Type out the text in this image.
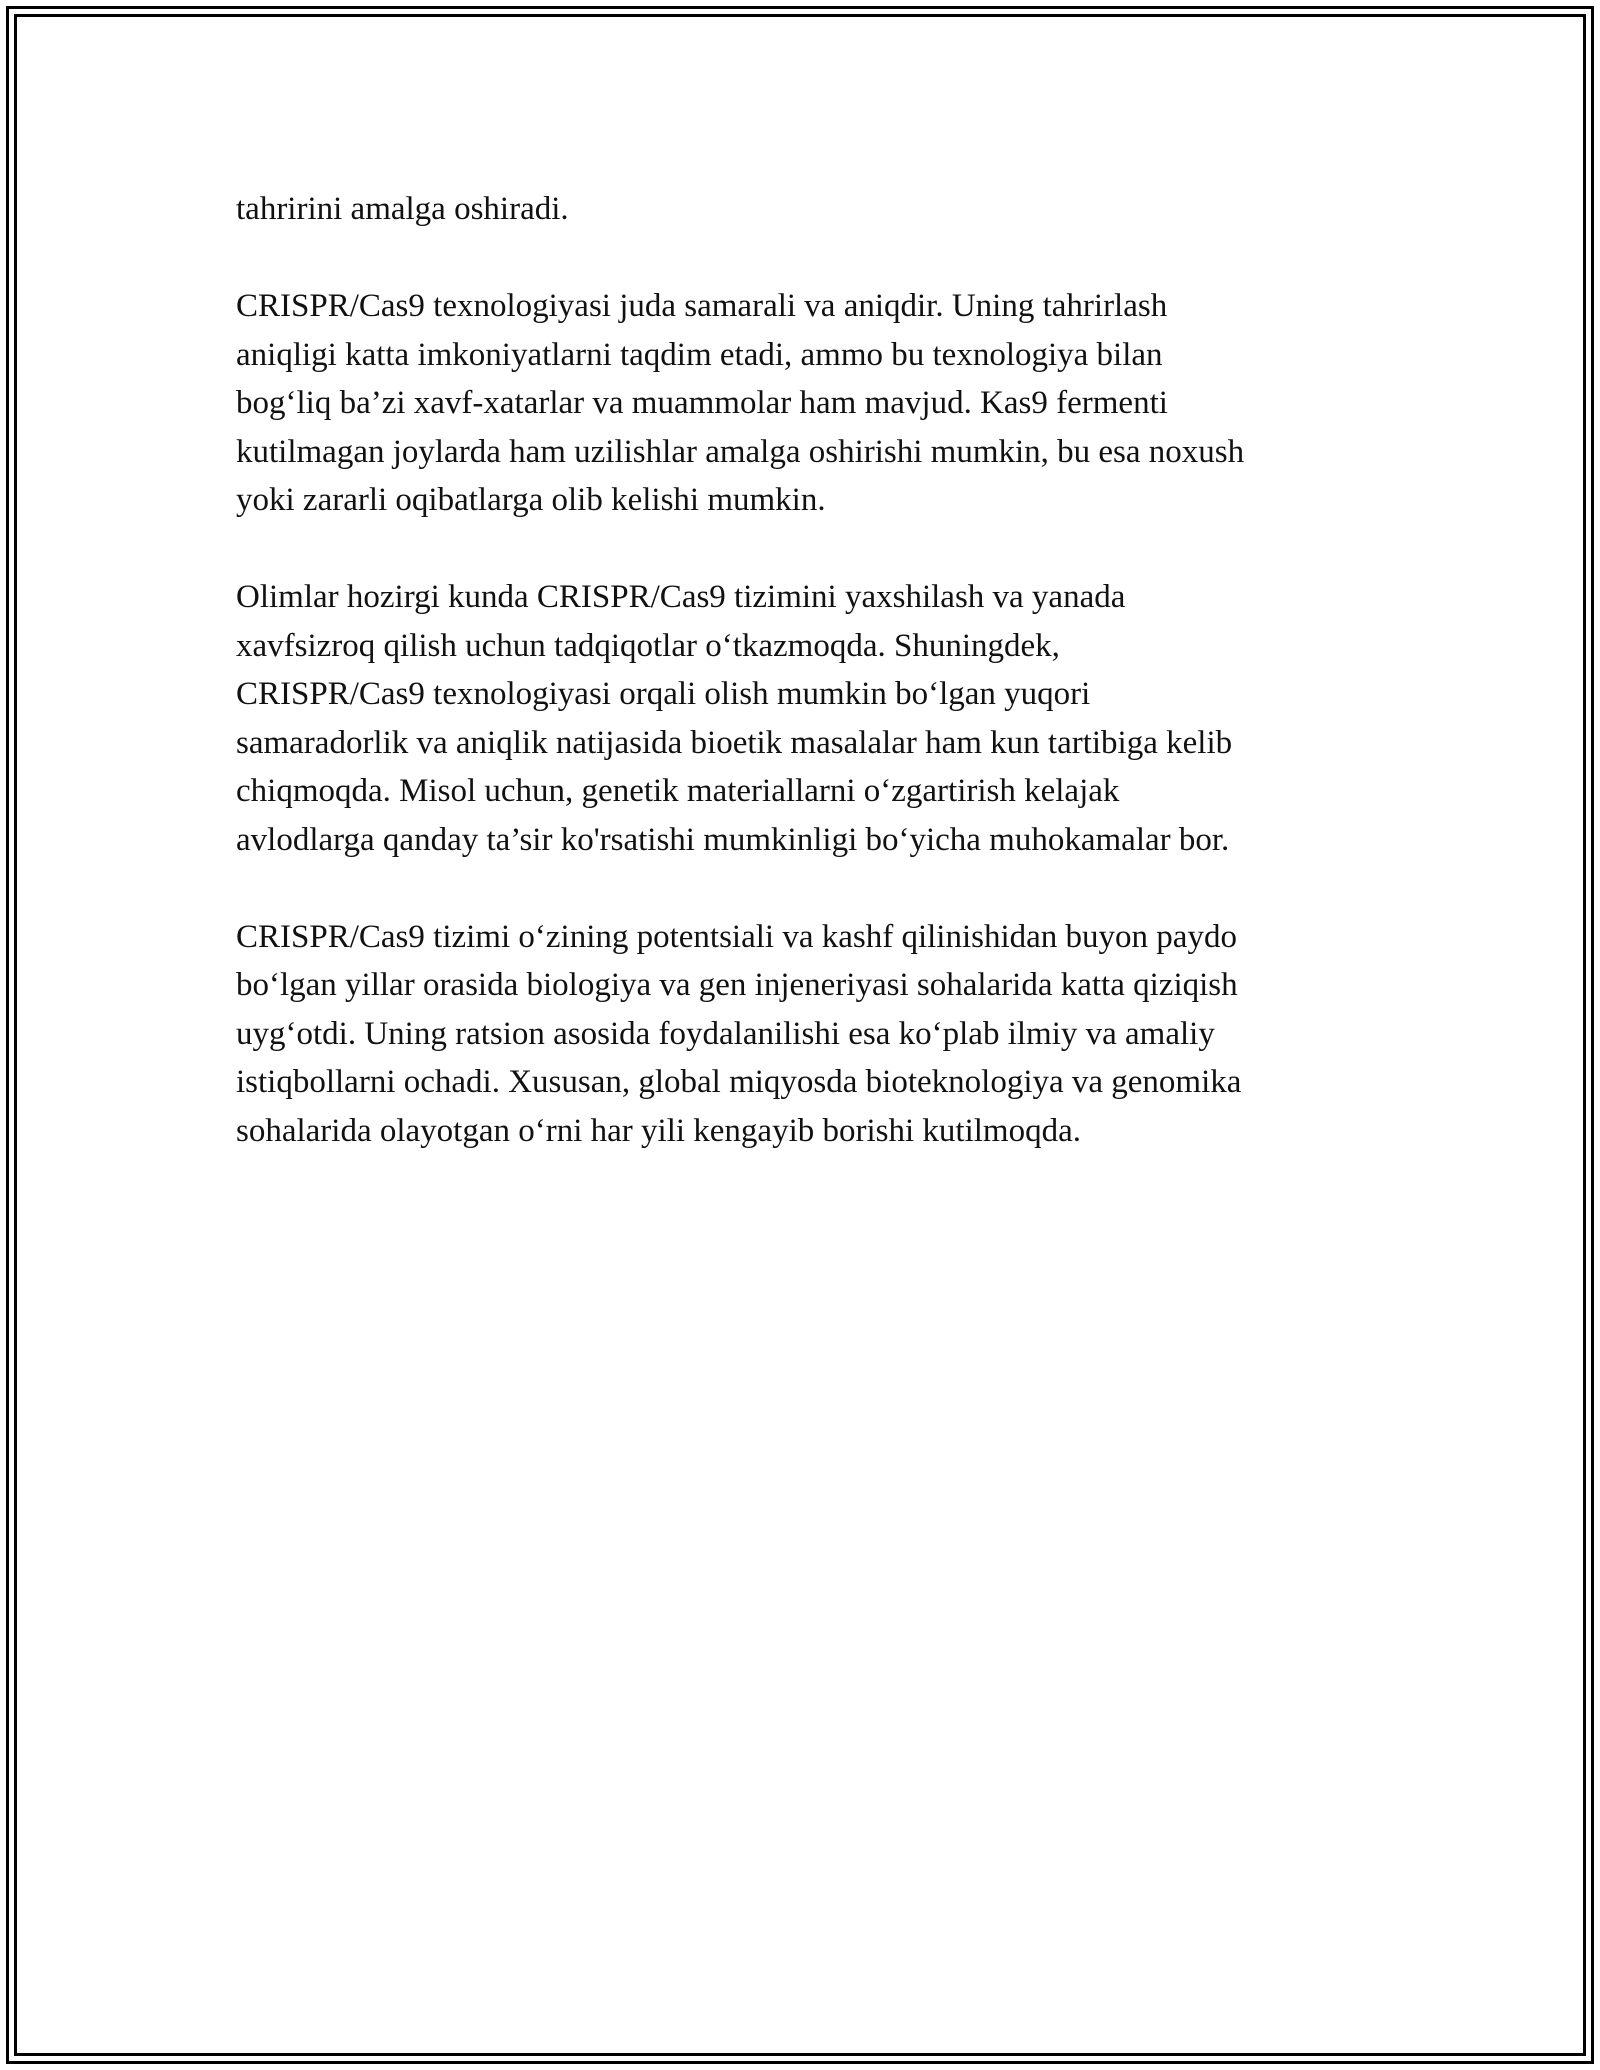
tahririni amalga oshiradi.

CRISPR/Cas9 texnologiyasi juda samarali va aniqdir. Uning tahrirlash
aniqligi katta imkoniyatlarni taqdim etadi, ammo bu texnologiya bilan
bog‘liq ba’zi xavf-xatarlar va muammolar ham mavjud. Kas9 fermenti
kutilmagan joylarda ham uzilishlar amalga oshirishi mumkin, bu esa noxush
yoki zararli oqibatlarga olib kelishi mumkin.

Olimlar hozirgi kunda CRISPR/Cas9 tizimini yaxshilash va yanada
xavfsizroq qilish uchun tadqiqotlar o‘tkazmoqda. Shuningdek,
CRISPR/Cas9 texnologiyasi orqali olish mumkin bo‘lgan yuqori
samaradorlik va aniqlik natijasida bioetik masalalar ham kun tartibiga kelib
chiqmoqda. Misol uchun, genetik materiallarni o‘zgartirish kelajak
avlodlarga qanday ta’sir ko'rsatishi mumkinligi bo‘yicha muhokamalar bor.

CRISPR/Cas9 tizimi o‘zining potentsiali va kashf qilinishidan buyon paydo
bo‘lgan yillar orasida biologiya va gen injeneriyasi sohalarida katta qiziqish
uyg‘otdi. Uning ratsion asosida foydalanilishi esa ko‘plab ilmiy va amaliy
istiqbollarni ochadi. Xususan, global miqyosda bioteknologiya va genomika
sohalarida olayotgan o‘rni har yili kengayib borishi kutilmoqda.
